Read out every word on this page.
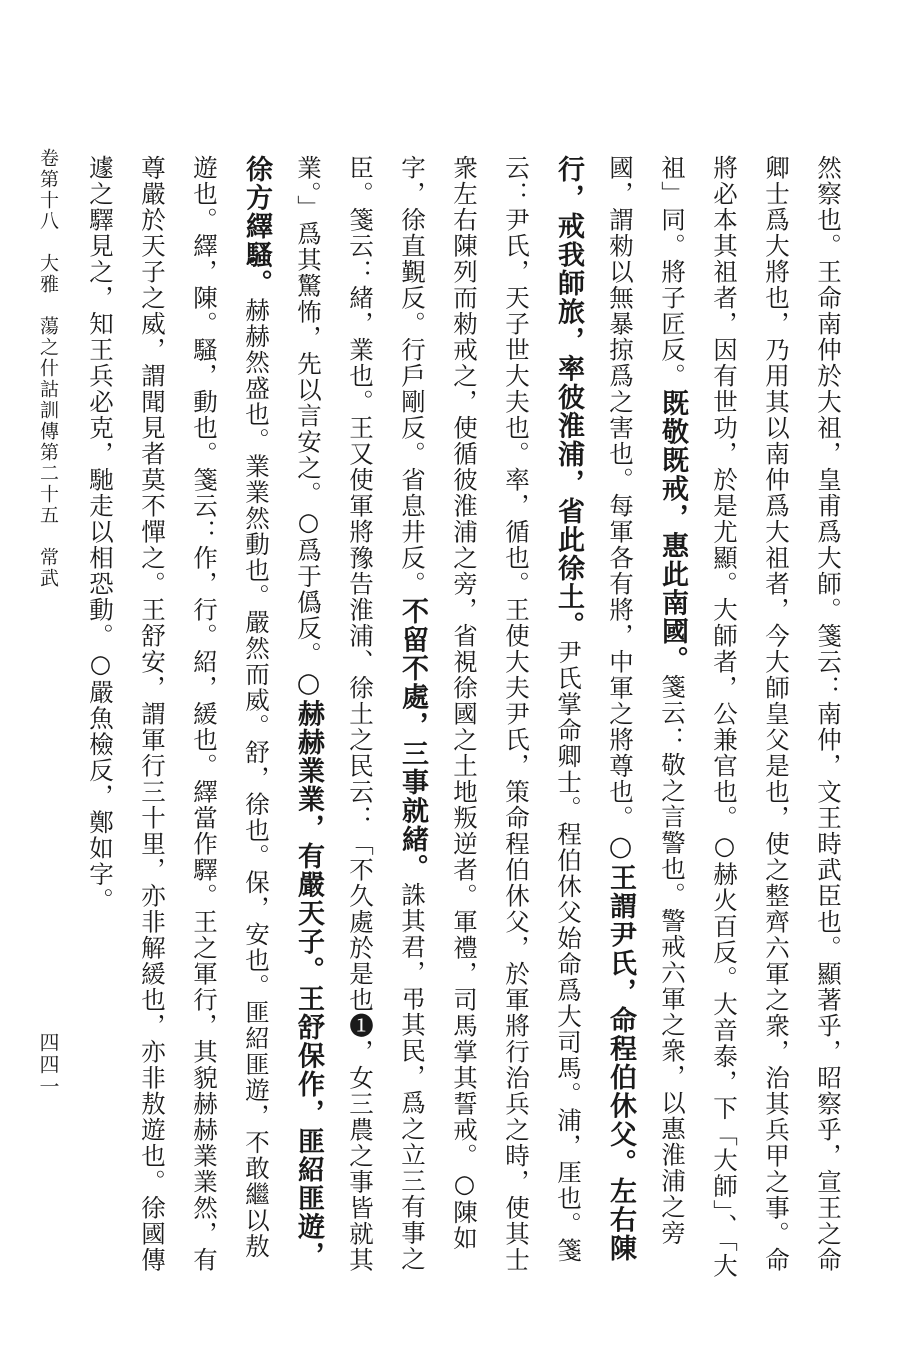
卷第十八　大雅　蕩之什詁訓傳第二十五　常武
四四一	然察也。王命南仲於大祖，皇甫爲大師。箋云：南仲，文王時武臣也。顯著乎，昭察乎，宣王之命卿士爲大將也，乃用其以南仲爲大祖者，今大師皇父是也，使之整齊六軍之衆，治其兵甲之事。命將必本其祖者，因有世功，於是尤顯。大師者，公兼官也。○赫火百反。大音泰，下「大師」、「大祖」同。將子匠反。既敬既戒，惠此南國。箋云：敬之言警也。警戒六軍之衆，以惠淮浦之旁國，謂勑以無暴掠爲之害也。每軍各有將，中軍之將尊也。○王謂尹氏，命程伯休父。左右陳行，戒我師旅，率彼淮浦，省此徐土。尹氏掌命卿士。程伯休父始命爲大司馬。浦，厓也。箋云：尹氏，天子世大夫也。率，循也。王使大夫尹氏，策命程伯休父，於軍將行治兵之時，使其士衆左右陳列而勑戒之，使循彼淮浦之旁，省視徐國之土地叛逆者。軍禮，司馬掌其誓戒。○陳如字，徐直覲反。行戶剛反。省息井反。不留不處，三事就緒。誅其君，弔其民，爲之立三有事之臣。箋云：緒，業也。王又使軍將豫告淮浦、徐土之民云：「不久處於是也❶，女三農之事皆就其業。」爲其驚怖，先以言安之。○爲于僞反。○赫赫業業，有嚴天子。王舒保作，匪紹匪遊，徐方繹騷。赫赫然盛也。業業然動也。嚴然而威。舒，徐也。保，安也。匪紹匪遊，不敢繼以敖遊也。繹，陳。騷，動也。箋云：作，行。紹，緩也。繹當作驛。王之軍行，其貌赫赫業業然，有尊嚴於天子之威，謂聞見者莫不憚之。王舒安，謂軍行三十里，亦非解緩也，亦非敖遊也。徐國傳遽之驛見之，知王兵必克，馳走以相恐動。○嚴魚檢反，鄭如字。
